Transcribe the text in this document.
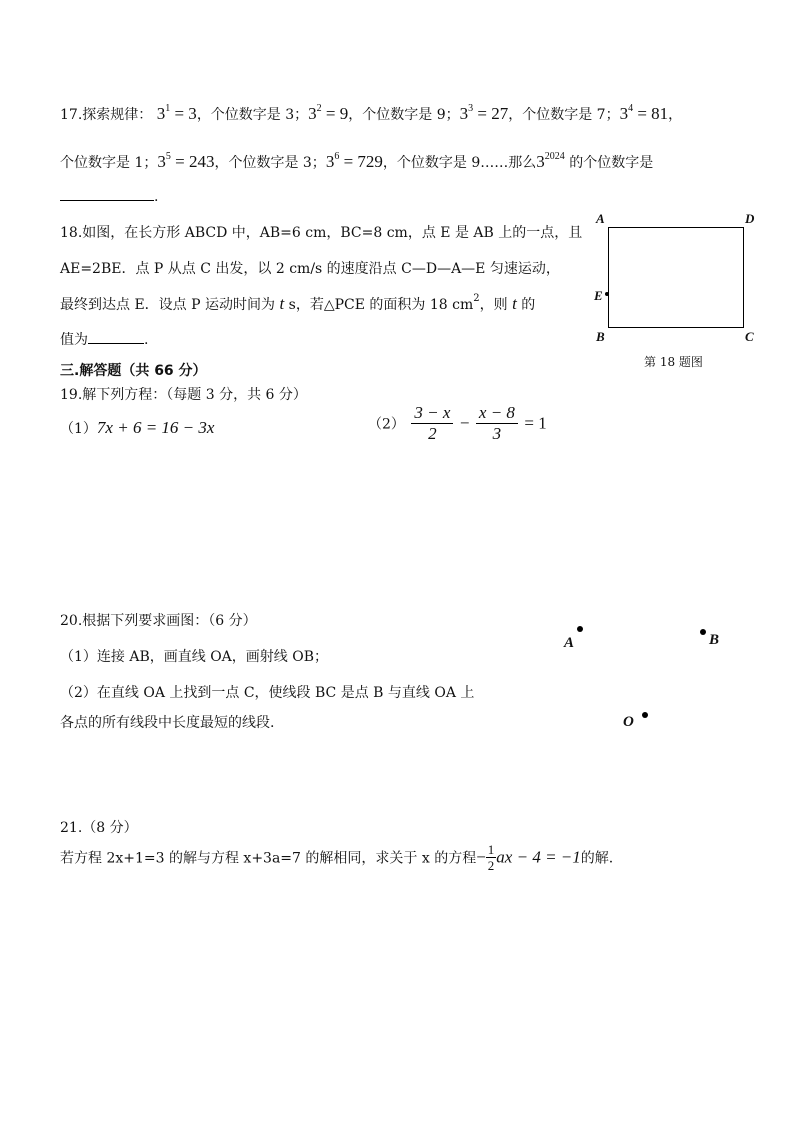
17.探索规律： $3^1 = 3$，个位数字是 3；$3^2 = 9$，个位数字是 9；$3^3 = 27$，个位数字是 7；$3^4 = 81$，
个位数字是 1；$3^5 = 243$，个位数字是 3；$3^6 = 729$，个位数字是 9……那么$3^{2024}$ 的个位数字是
.
18.如图，在长方形 ABCD 中，AB=6 cm，BC=8 cm，点 E 是 AB 上的一点，且
AE=2BE．点 P 从点 C 出发，以 2 cm/s 的速度沿点 C—D—A—E 匀速运动，
最终到达点 E．设点 P 运动时间为 t s，若△PCE 的面积为 18 $cm^2$，则 t 的
值为	.
A	D
E
B	C
第 18 题图
三.解答题（共 66 分）
19.解下列方程：（每题 3 分，共 6 分）
（1）7x + 6 = 16 − 3x	$(2) \frac{3 - x}{2} - \frac{x - 8}{3} = 1$
20.根据下列要求画图：（6 分）
（1）连接 AB，画直线 OA，画射线 OB；
（2）在直线 OA 上找到一点 C，使线段 BC 是点 B 与直线 OA 上
各点的所有线段中长度最短的线段.
A	B
O
21.（8 分）
若方程 2x+1=3 的解与方程 x+3a=7 的解相同，求关于 x 的方程− $\frac{1}{2}$ ax − 4 = −1的解.
